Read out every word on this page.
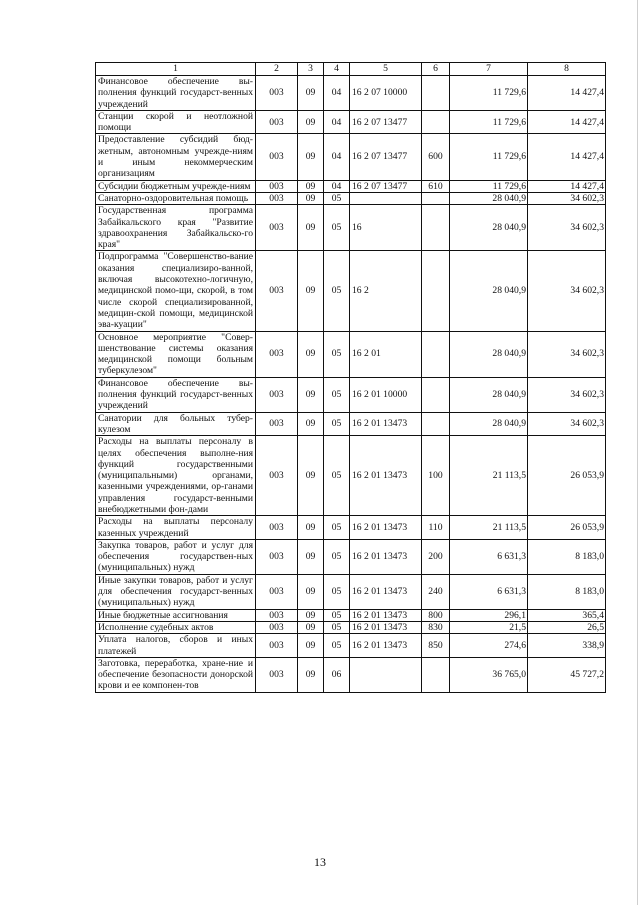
1	2	3	4	5	6	7	8
Финансовое обеспечение вы-полнения функций государст-венных учреждений	003	09	04	16 2 07 10000		11 729,6	14 427,4
Станции скорой и неотложной помощи	003	09	04	16 2 07 13477		11 729,6	14 427,4
Предоставление субсидий бюд-жетным, автономным учрежде-ниям и иным некоммерческим организациям	003	09	04	16 2 07 13477	600	11 729,6	14 427,4
Субсидии бюджетным учрежде-ниям	003	09	04	16 2 07 13477	610	11 729,6	14 427,4
Санаторно-оздоровительная помощь	003	09	05			28 040,9	34 602,3
Государственная программа Забайкальского края "Развитие здравоохранения Забайкальско-го края"	003	09	05	16		28 040,9	34 602,3
Подпрограмма "Совершенство-вание оказания специализиро-ванной, включая высокотехно-логичную, медицинской помо-щи, скорой, в том числе скорой специализированной, медицин-ской помощи, медицинской эва-куации"	003	09	05	16 2		28 040,9	34 602,3
Основное мероприятие "Совер-шенствование системы оказания медицинской помощи больным туберкулезом"	003	09	05	16 2 01		28 040,9	34 602,3
Финансовое обеспечение вы-полнения функций государст-венных учреждений	003	09	05	16 2 01 10000		28 040,9	34 602,3
Санатории для больных тубер-кулезом	003	09	05	16 2 01 13473		28 040,9	34 602,3
Расходы на выплаты персоналу в целях обеспечения выполне-ния функций государственными (муниципальными) органами, казенными учреждениями, ор-ганами управления государст-венными внебюджетными фон-дами	003	09	05	16 2 01 13473	100	21 113,5	26 053,9
Расходы на выплаты персоналу казенных учреждений	003	09	05	16 2 01 13473	110	21 113,5	26 053,9
Закупка товаров, работ и услуг для обеспечения государствен-ных (муниципальных) нужд	003	09	05	16 2 01 13473	200	6 631,3	8 183,0
Иные закупки товаров, работ и услуг для обеспечения государст-венных (муниципальных) нужд	003	09	05	16 2 01 13473	240	6 631,3	8 183,0
Иные бюджетные ассигнования	003	09	05	16 2 01 13473	800	296,1	365,4
Исполнение судебных актов	003	09	05	16 2 01 13473	830	21,5	26,5
Уплата налогов, сборов и иных платежей	003	09	05	16 2 01 13473	850	274,6	338,9
Заготовка, переработка, хране-ние и обеспечение безопасности донорской крови и ее компонен-тов	003	09	06			36 765,0	45 727,2
13
